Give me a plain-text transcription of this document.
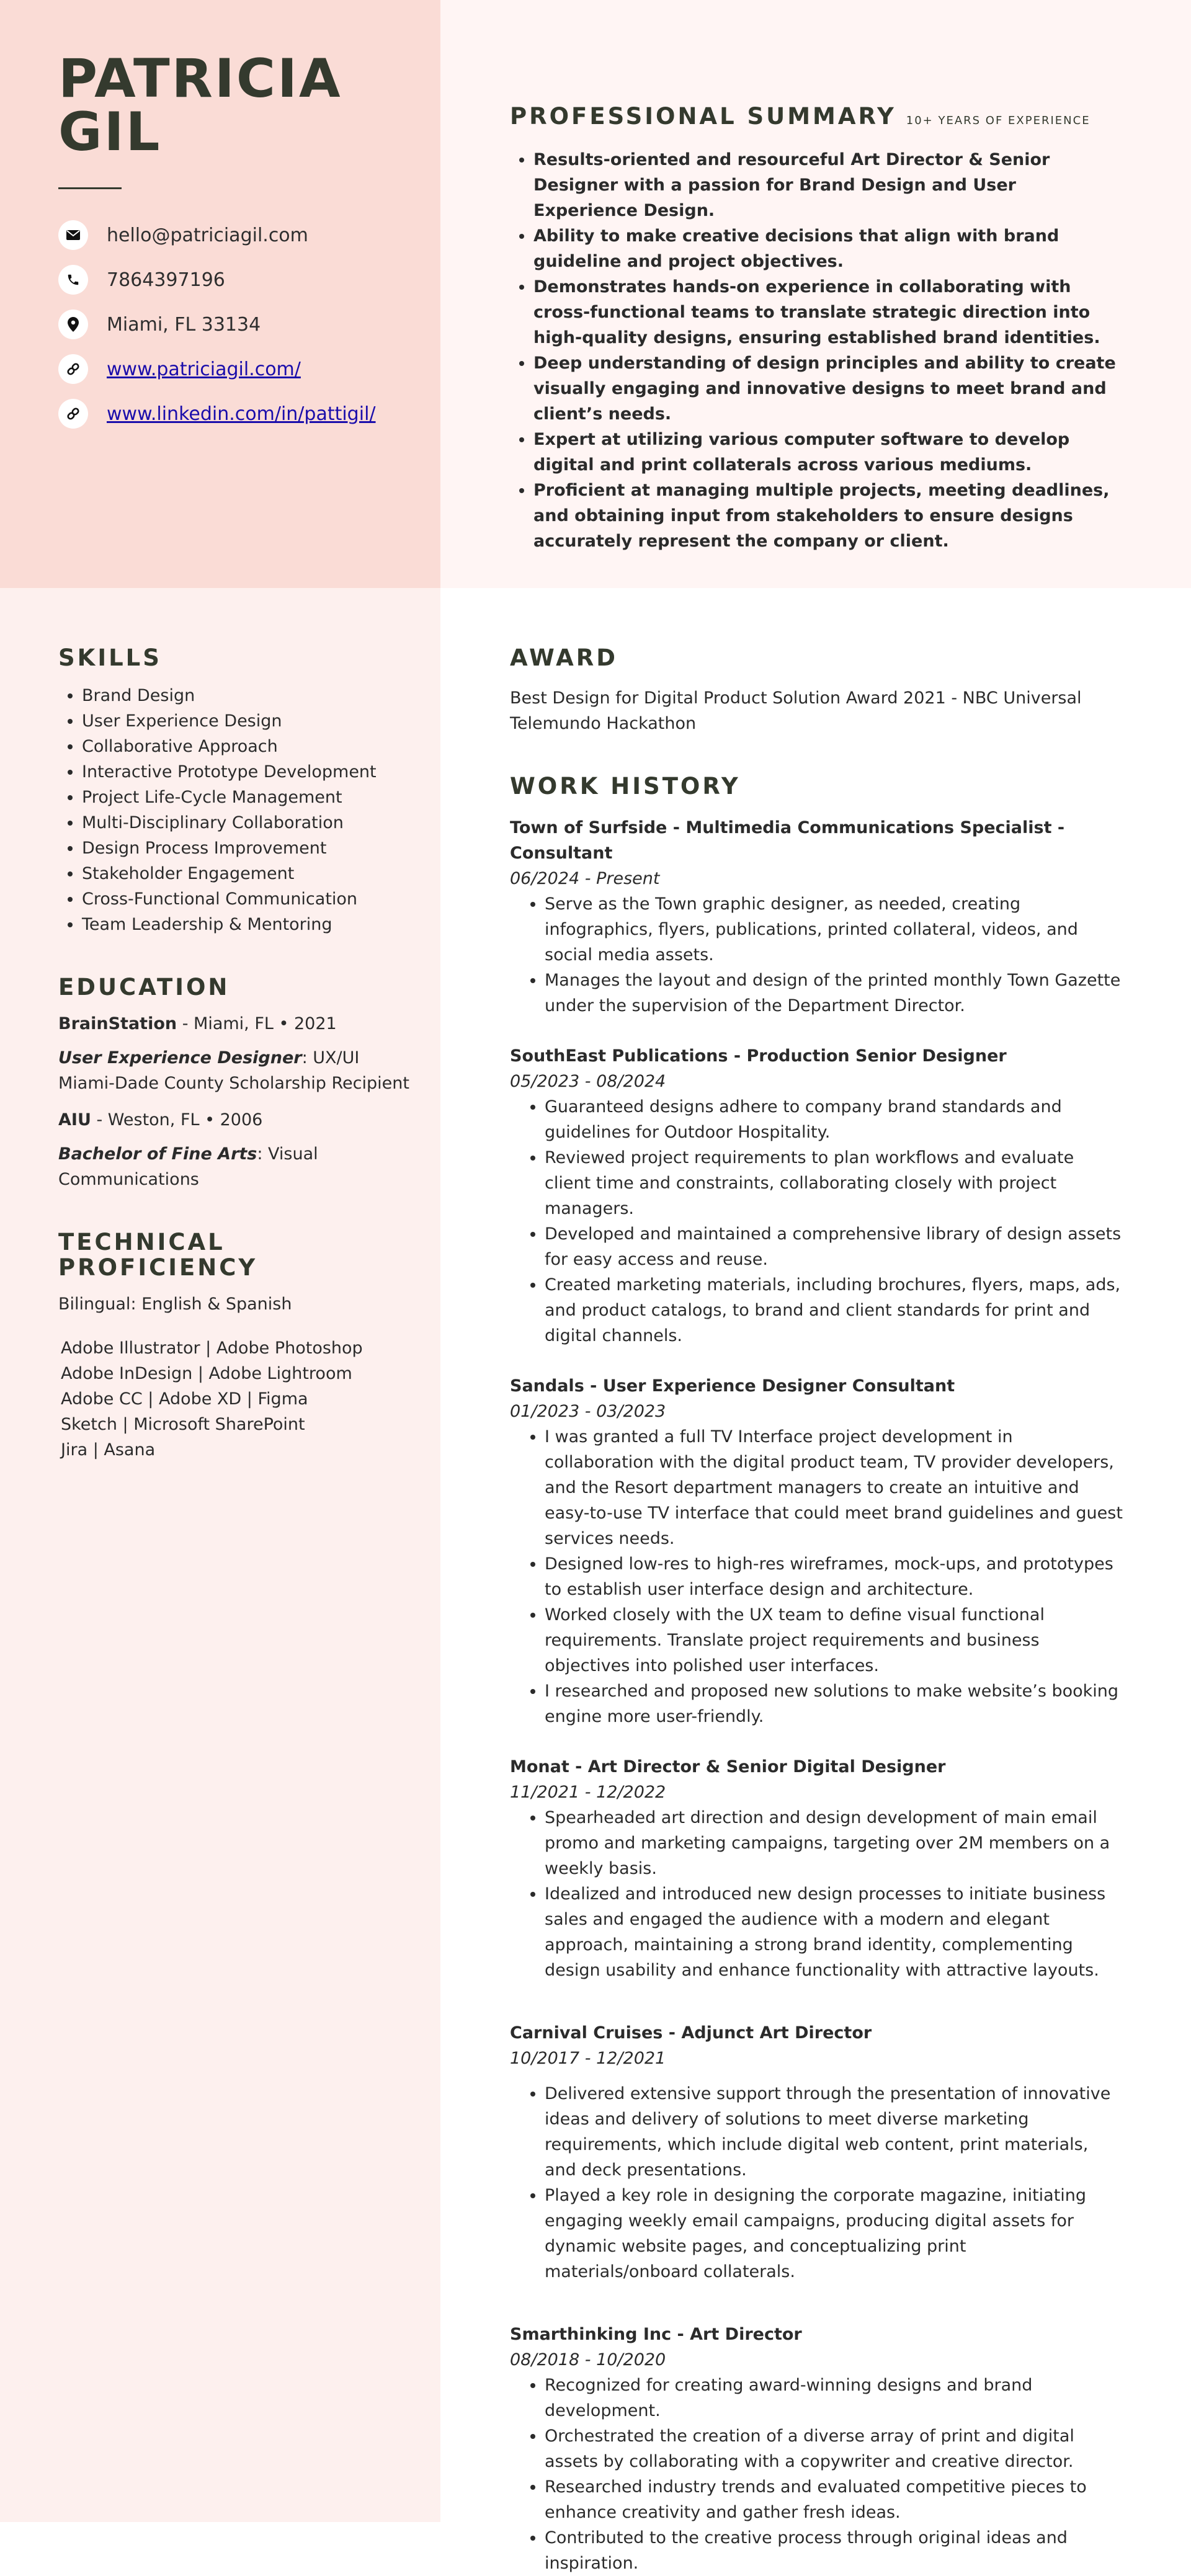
PATRICIA
GIL
hello@patriciagil.com
7864397196
Miami, FL 33134
www.patriciagil.com/
www.linkedin.com/in/pattigil/
PROFESSIONAL SUMMARY 10+ YEARS OF EXPERIENCE
• Results-oriented and resourceful Art Director & Senior Designer with a passion for Brand Design and User Experience Design.
• Ability to make creative decisions that align with brand guideline and project objectives.
• Demonstrates hands-on experience in collaborating with cross-functional teams to translate strategic direction into high-quality designs, ensuring established brand identities.
• Deep understanding of design principles and ability to create visually engaging and innovative designs to meet brand and client’s needs.
• Expert at utilizing various computer software to develop digital and print collaterals across various mediums.
• Proficient at managing multiple projects, meeting deadlines, and obtaining input from stakeholders to ensure designs accurately represent the company or client.
SKILLS
• Brand Design
• User Experience Design
• Collaborative Approach
• Interactive Prototype Development
• Project Life-Cycle Management
• Multi-Disciplinary Collaboration
• Design Process Improvement
• Stakeholder Engagement
• Cross-Functional Communication
• Team Leadership & Mentoring
EDUCATION
BrainStation - Miami, FL • 2021
User Experience Designer: UX/UI
Miami-Dade County Scholarship Recipient
AIU - Weston, FL • 2006
Bachelor of Fine Arts: Visual Communications
TECHNICAL PROFICIENCY
Bilingual: English & Spanish
Adobe Illustrator | Adobe Photoshop
Adobe InDesign | Adobe Lightroom
Adobe CC | Adobe XD | Figma
Sketch | Microsoft SharePoint
Jira | Asana
AWARD
Best Design for Digital Product Solution Award 2021 - NBC Universal Telemundo Hackathon
WORK HISTORY
Town of Surfside - Multimedia Communications Specialist - Consultant
06/2024 - Present
• Serve as the Town graphic designer, as needed, creating infographics, flyers, publications, printed collateral, videos, and social media assets.
• Manages the layout and design of the printed monthly Town Gazette under the supervision of the Department Director.
SouthEast Publications - Production Senior Designer
05/2023 - 08/2024
• Guaranteed designs adhere to company brand standards and guidelines for Outdoor Hospitality.
• Reviewed project requirements to plan workflows and evaluate client time and constraints, collaborating closely with project managers.
• Developed and maintained a comprehensive library of design assets for easy access and reuse.
• Created marketing materials, including brochures, flyers, maps, ads, and product catalogs, to brand and client standards for print and digital channels.
Sandals - User Experience Designer Consultant
01/2023 - 03/2023
• I was granted a full TV Interface project development in collaboration with the digital product team, TV provider developers, and the Resort department managers to create an intuitive and easy-to-use TV interface that could meet brand guidelines and guest services needs.
• Designed low-res to high-res wireframes, mock-ups, and prototypes to establish user interface design and architecture.
• Worked closely with the UX team to define visual functional requirements. Translate project requirements and business objectives into polished user interfaces.
• I researched and proposed new solutions to make website’s booking engine more user-friendly.
Monat - Art Director & Senior Digital Designer
11/2021 - 12/2022
• Spearheaded art direction and design development of main email promo and marketing campaigns, targeting over 2M members on a weekly basis.
• Idealized and introduced new design processes to initiate business sales and engaged the audience with a modern and elegant approach, maintaining a strong brand identity, complementing design usability and enhance functionality with attractive layouts.
Carnival Cruises - Adjunct Art Director
10/2017 - 12/2021
• Delivered extensive support through the presentation of innovative ideas and delivery of solutions to meet diverse marketing requirements, which include digital web content, print materials, and deck presentations.
• Played a key role in designing the corporate magazine, initiating engaging weekly email campaigns, producing digital assets for dynamic website pages, and conceptualizing print materials/onboard collaterals.
Smarthinking Inc - Art Director
08/2018 - 10/2020
• Recognized for creating award-winning designs and brand development.
• Orchestrated the creation of a diverse array of print and digital assets by collaborating with a copywriter and creative director.
• Researched industry trends and evaluated competitive pieces to enhance creativity and gather fresh ideas.
• Contributed to the creative process through original ideas and inspiration.
